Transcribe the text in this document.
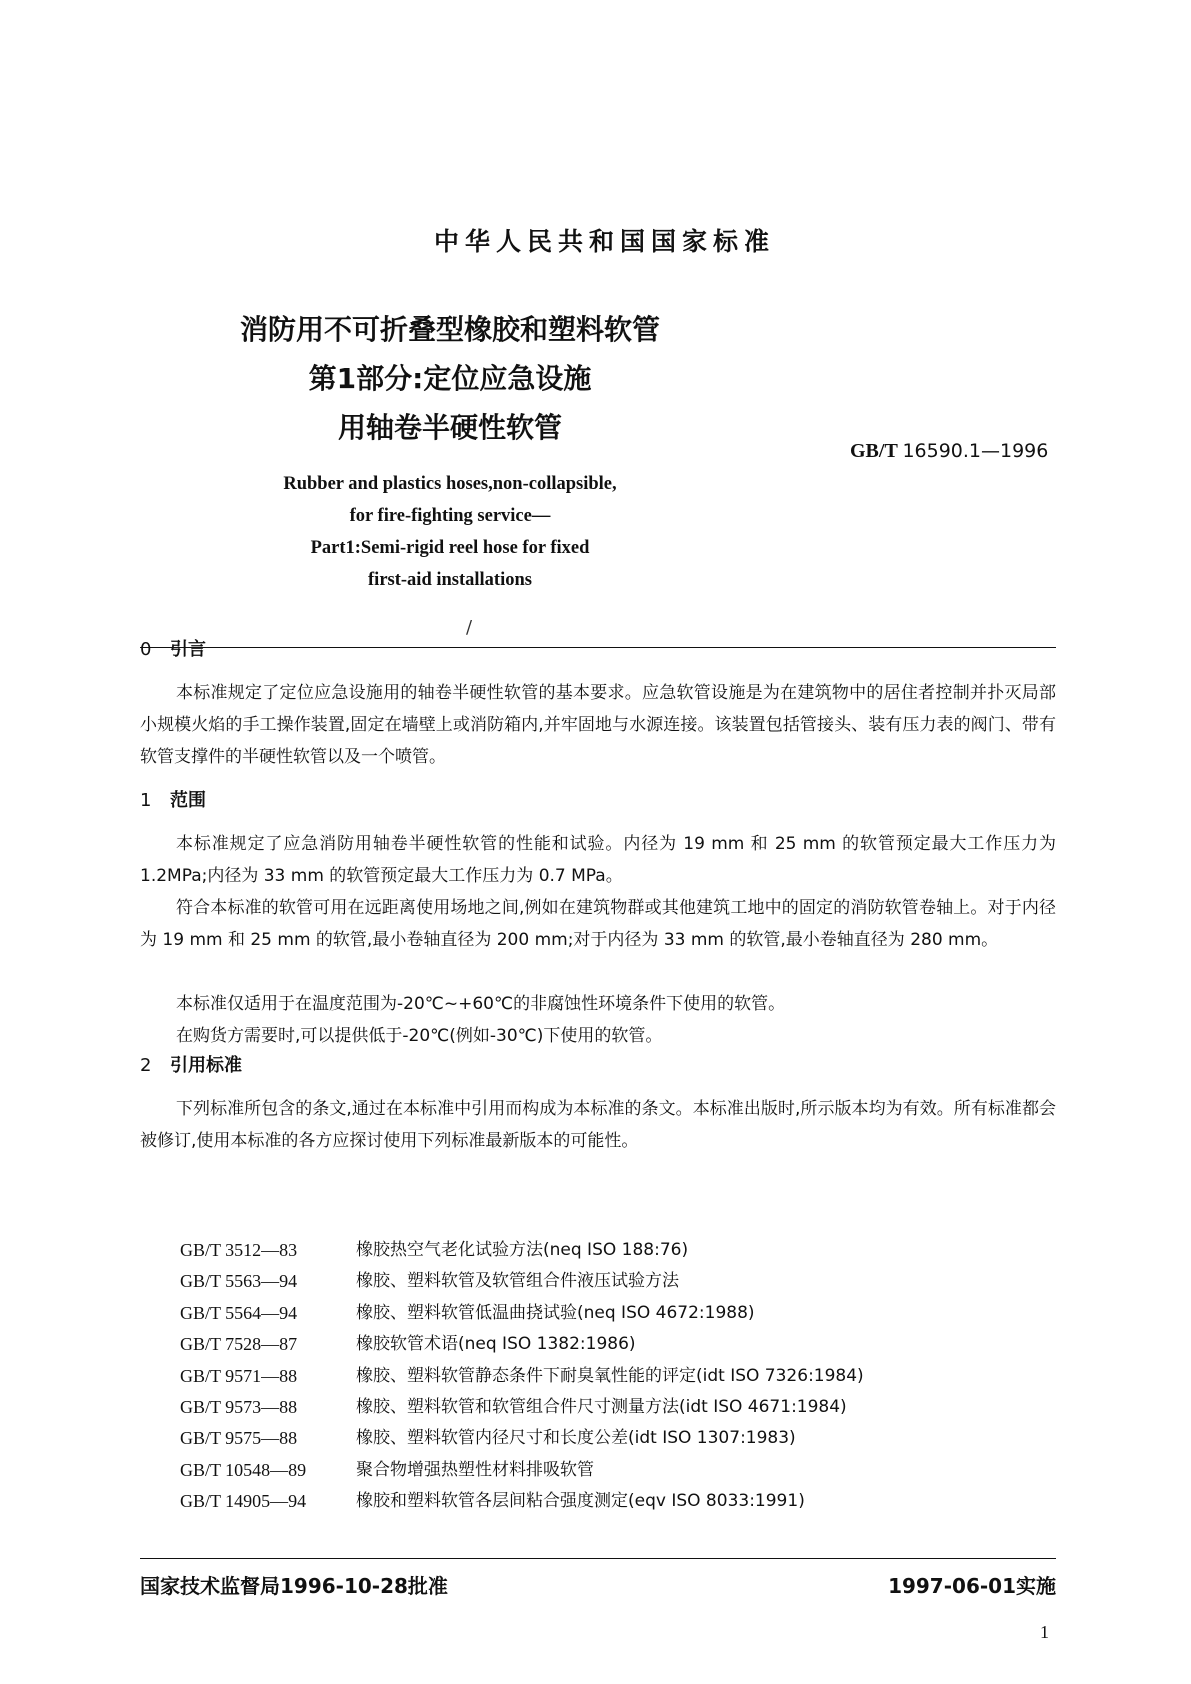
中华人民共和国国家标准
消防用不可折叠型橡胶和塑料软管
第1部分:定位应急设施
用轴卷半硬性软管
GB/T 16590.1—1996
Rubber and plastics hoses,non-collapsible,
for fire-fighting service—
Part1:Semi-rigid reel hose for fixed
first-aid installations
/
0 引言

本标准规定了定位应急设施用的轴卷半硬性软管的基本要求。应急软管设施是为在建筑物中的居住者控制并扑灭局部小规模火焰的手工操作装置,固定在墙壁上或消防箱内,并牢固地与水源连接。该装置包括管接头、装有压力表的阀门、带有软管支撑件的半硬性软管以及一个喷管。

1 范围

本标准规定了应急消防用轴卷半硬性软管的性能和试验。内径为 19 mm 和 25 mm 的软管预定最大工作压力为 1.2MPa;内径为 33 mm 的软管预定最大工作压力为 0.7 MPa。

符合本标准的软管可用在远距离使用场地之间,例如在建筑物群或其他建筑工地中的固定的消防软管卷轴上。对于内径为 19 mm 和 25 mm 的软管,最小卷轴直径为 200 mm;对于内径为 33 mm 的软管,最小卷轴直径为 280 mm。

本标准仅适用于在温度范围为-20℃~+60℃的非腐蚀性环境条件下使用的软管。

在购货方需要时,可以提供低于-20℃(例如-30℃)下使用的软管。

2 引用标准

下列标准所包含的条文,通过在本标准中引用而构成为本标准的条文。本标准出版时,所示版本均为有效。所有标准都会被修订,使用本标准的各方应探讨使用下列标准最新版本的可能性。

GB/T 3512—83	橡胶热空气老化试验方法(neq ISO 188:76)
GB/T 5563—94	橡胶、塑料软管及软管组合件液压试验方法
GB/T 5564—94	橡胶、塑料软管低温曲挠试验(neq ISO 4672:1988)
GB/T 7528—87	橡胶软管术语(neq ISO 1382:1986)
GB/T 9571—88	橡胶、塑料软管静态条件下耐臭氧性能的评定(idt ISO 7326:1984)
GB/T 9573—88	橡胶、塑料软管和软管组合件尺寸测量方法(idt ISO 4671:1984)
GB/T 9575—88	橡胶、塑料软管内径尺寸和长度公差(idt ISO 1307:1983)
GB/T 10548—89	聚合物增强热塑性材料排吸软管
GB/T 14905—94	橡胶和塑料软管各层间粘合强度测定(eqv ISO 8033:1991)
国家技术监督局1996-10-28批准	1997-06-01实施
1
